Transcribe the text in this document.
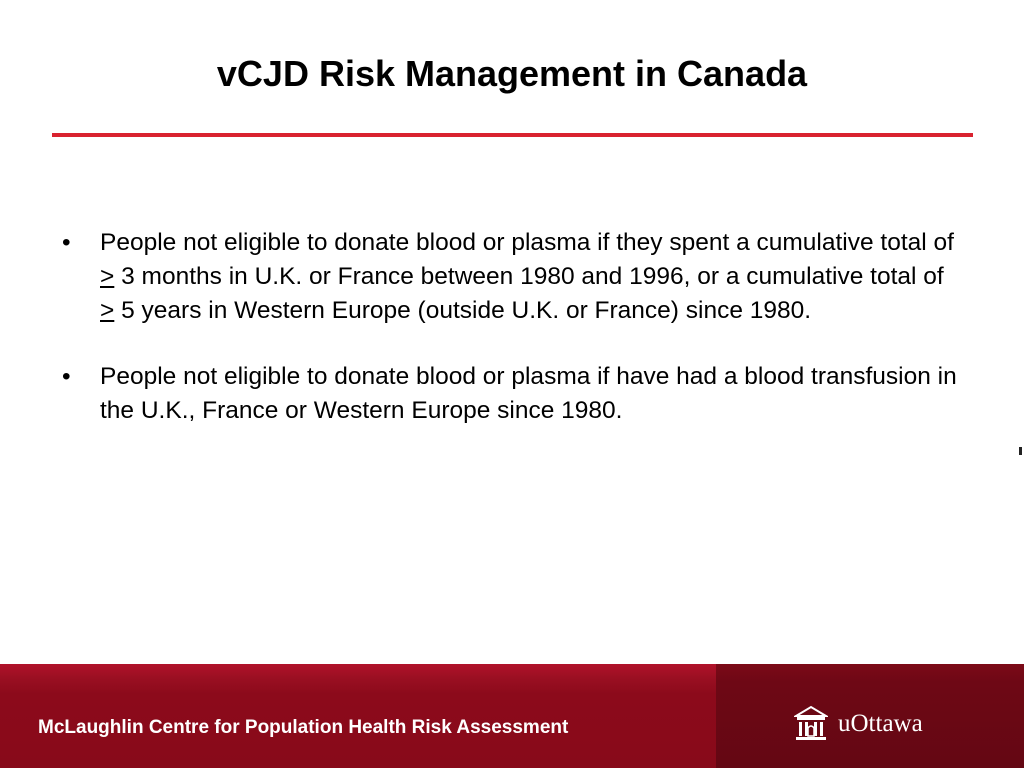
vCJD Risk Management in Canada
•	People not eligible to donate blood or plasma if they spent a cumulative total of ≥ 3 months in U.K. or France between 1980 and 1996, or a cumulative total of ≥ 5 years in Western Europe (outside U.K. or France) since 1980.
•	People not eligible to donate blood or plasma if have had a blood transfusion in the U.K., France or Western Europe since 1980.
McLaughlin Centre for Population Health Risk Assessment	uOttawa
